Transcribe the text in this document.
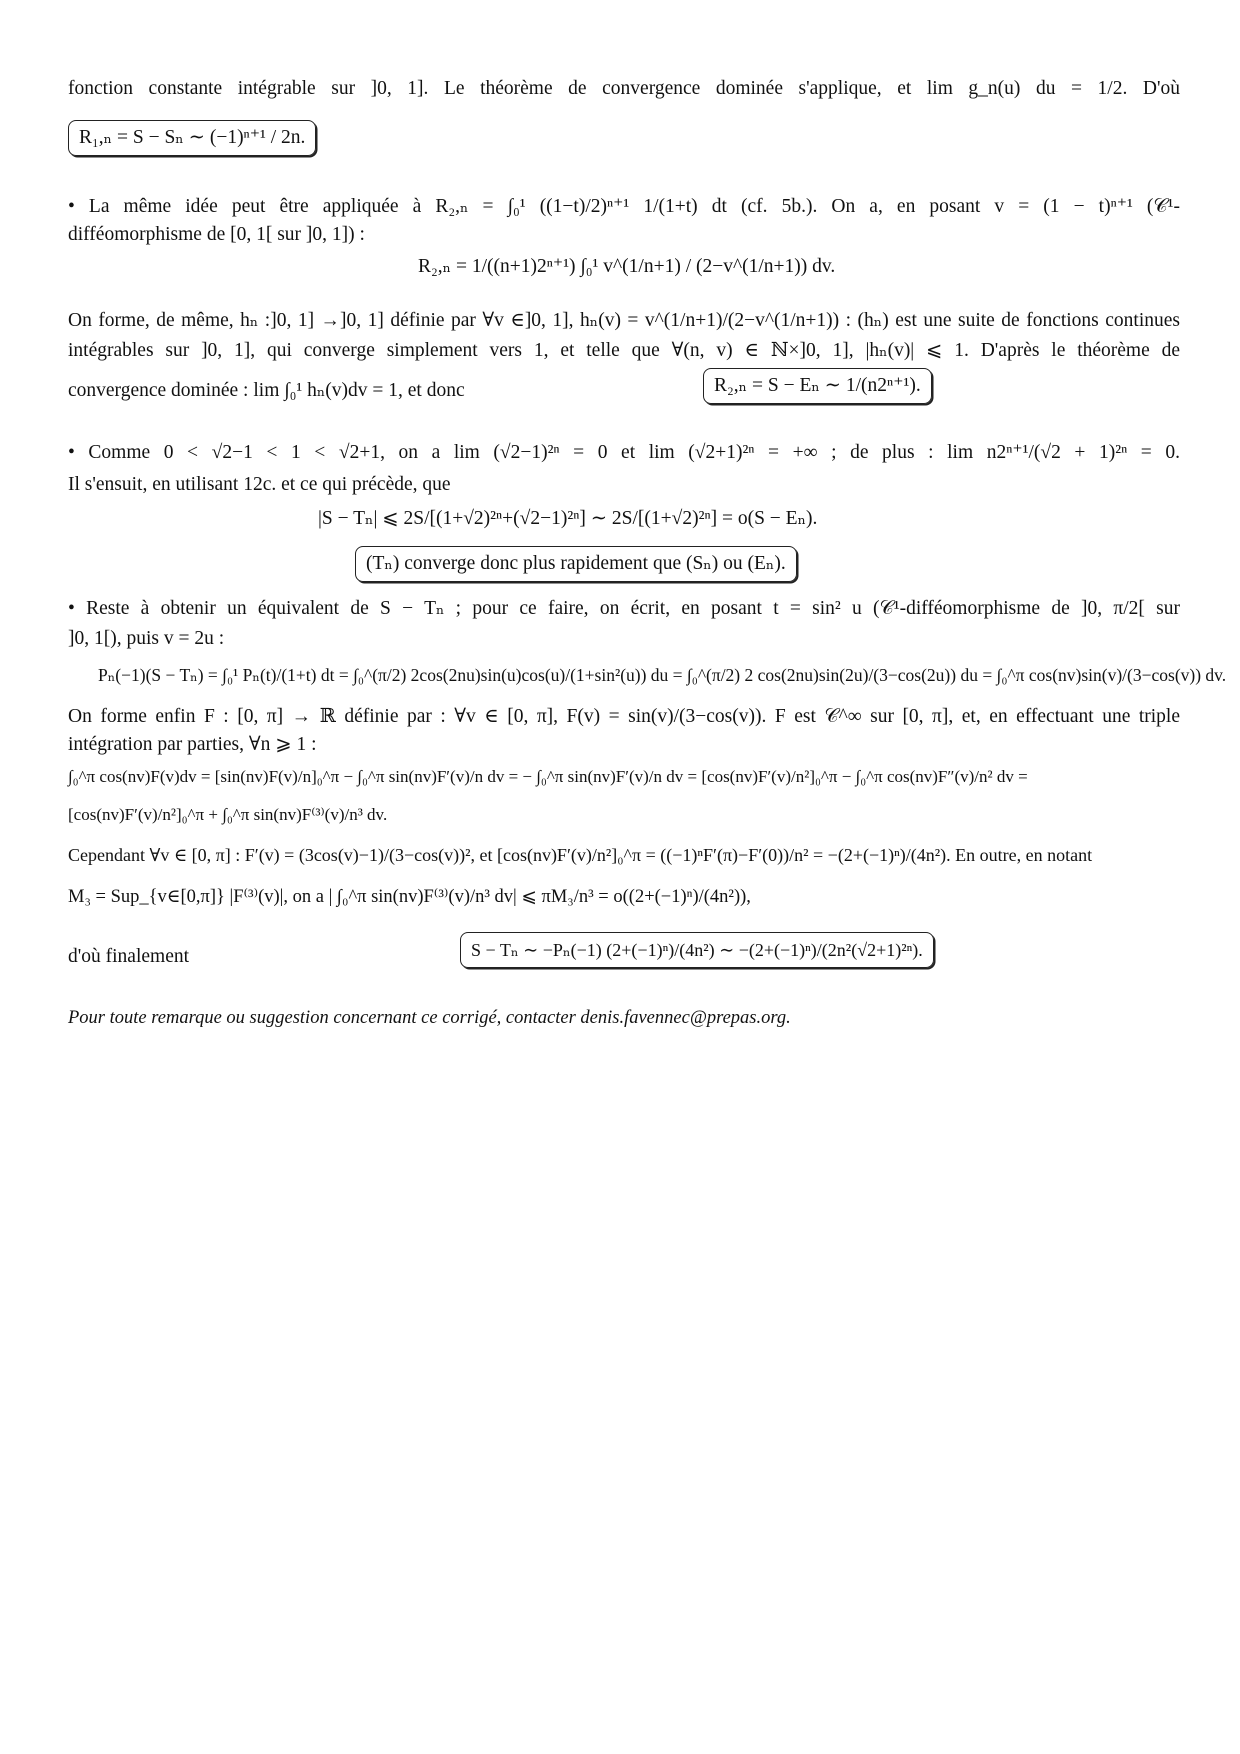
fonction constante intégrable sur ]0, 1]. Le théorème de convergence dominée s'applique, et lim g_n(u) du = 1/2. D'où
R₁,ₙ = S − Sₙ ∼ (−1)ⁿ⁺¹ / 2n.
• La même idée peut être appliquée à R₂,ₙ = ∫₀¹ ((1−t)/2)ⁿ⁺¹ 1/(1+t) dt (cf. 5b.). On a, en posant v = (1 − t)ⁿ⁺¹ (𝒞¹-
difféomorphisme de [0, 1[ sur ]0, 1]) :
R₂,ₙ = 1/((n+1)2ⁿ⁺¹) ∫₀¹ v^(1/n+1) / (2−v^(1/n+1)) dv.
On forme, de même, hₙ :]0, 1] →]0, 1] définie par ∀v ∈]0, 1], hₙ(v) = v^(1/n+1)/(2−v^(1/n+1)) : (hₙ) est une suite de fonctions continues
intégrables sur ]0, 1], qui converge simplement vers 1, et telle que ∀(n, v) ∈ ℕ×]0, 1], |hₙ(v)| ⩽ 1. D'après le théorème de
convergence dominée : lim ∫₀¹ hₙ(v)dv = 1, et donc	R₂,ₙ = S − Eₙ ∼ 1/(n2ⁿ⁺¹).
• Comme 0 < √2−1 < 1 < √2+1, on a lim (√2−1)²ⁿ = 0 et lim (√2+1)²ⁿ = +∞ ; de plus : lim n2ⁿ⁺¹/(√2 + 1)²ⁿ = 0.
Il s'ensuit, en utilisant 12c. et ce qui précède, que
|S − Tₙ| ⩽ 2S/[(1+√2)²ⁿ+(√2−1)²ⁿ] ∼ 2S/[(1+√2)²ⁿ] = o(S − Eₙ).
(Tₙ) converge donc plus rapidement que (Sₙ) ou (Eₙ).
• Reste à obtenir un équivalent de S − Tₙ ; pour ce faire, on écrit, en posant t = sin² u (𝒞¹-difféomorphisme de ]0, π/2[ sur
]0, 1[), puis v = 2u :
Pₙ(−1)(S − Tₙ) = ∫₀¹ Pₙ(t)/(1+t) dt = ∫₀^(π/2) 2cos(2nu)sin(u)cos(u)/(1+sin²(u)) du = ∫₀^(π/2) 2 cos(2nu)sin(2u)/(3−cos(2u)) du = ∫₀^π cos(nv)sin(v)/(3−cos(v)) dv.
On forme enfin F : [0, π] → ℝ définie par : ∀v ∈ [0, π], F(v) = sin(v)/(3−cos(v)). F est 𝒞^∞ sur [0, π], et, en effectuant une triple
intégration par parties, ∀n ⩾ 1 :
∫₀^π cos(nv)F(v)dv = [sin(nv)F(v)/n]₀^π − ∫₀^π sin(nv)F′(v)/n dv = − ∫₀^π sin(nv)F′(v)/n dv = [cos(nv)F′(v)/n²]₀^π − ∫₀^π cos(nv)F″(v)/n² dv =
[cos(nv)F′(v)/n²]₀^π + ∫₀^π sin(nv)F⁽³⁾(v)/n³ dv.
Cependant ∀v ∈ [0, π] : F′(v) = (3cos(v)−1)/(3−cos(v))², et [cos(nv)F′(v)/n²]₀^π = ((−1)ⁿF′(π)−F′(0))/n² = −(2+(−1)ⁿ)/(4n²). En outre, en notant
M₃ = Sup_{v∈[0,π]} |F⁽³⁾(v)|, on a | ∫₀^π sin(nv)F⁽³⁾(v)/n³ dv| ⩽ πM₃/n³ = o((2+(−1)ⁿ)/(4n²)),
d'où finalement	S − Tₙ ∼ −Pₙ(−1) (2+(−1)ⁿ)/(4n²) ∼ −(2+(−1)ⁿ)/(2n²(√2+1)²ⁿ).
Pour toute remarque ou suggestion concernant ce corrigé, contacter denis.favennec@prepas.org.
